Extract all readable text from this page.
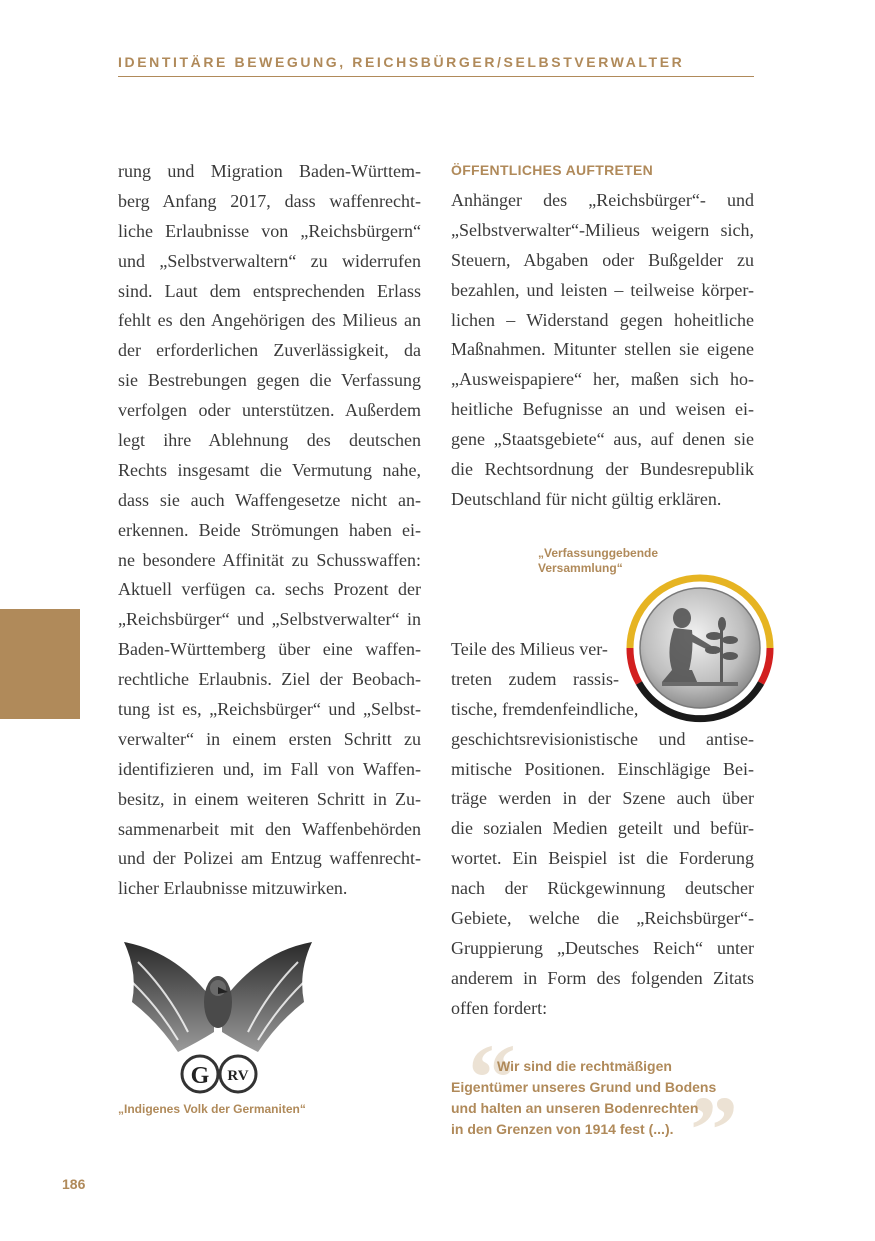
IDENTITÄRE BEWEGUNG, REICHSBÜRGER/SELBSTVERWALTER
rung und Migration Baden-Württem-
berg Anfang 2017, dass waffenrecht-
liche Erlaubnisse von „Reichsbürgern“
und „Selbstverwaltern“ zu widerrufen
sind. Laut dem entsprechenden Erlass
fehlt es den Angehörigen des Milieus an
der erforderlichen Zuverlässigkeit, da
sie Bestrebungen gegen die Verfassung
verfolgen oder unterstützen. Außerdem
legt ihre Ablehnung des deutschen
Rechts insgesamt die Vermutung nahe,
dass sie auch Waffengesetze nicht an-
erkennen. Beide Strömungen haben ei-
ne besondere Affinität zu Schusswaffen:
Aktuell verfügen ca. sechs Prozent der
„Reichsbürger“ und „Selbstverwalter“ in
Baden-Württemberg über eine waffen-
rechtliche Erlaubnis. Ziel der Beobach-
tung ist es, „Reichsbürger“ und „Selbst-
verwalter“ in einem ersten Schritt zu
identifizieren und, im Fall von Waffen-
besitz, in einem weiteren Schritt in Zu-
sammenarbeit mit den Waffenbehörden
und der Polizei am Entzug waffenrecht-
licher Erlaubnisse mitzuwirken.
ÖFFENTLICHES AUFTRETEN
Anhänger des „Reichsbürger“- und
„Selbstverwalter“-Milieus weigern sich,
Steuern, Abgaben oder Bußgelder zu
bezahlen, und leisten – teilweise körper-
lichen – Widerstand gegen hoheitliche
Maßnahmen. Mitunter stellen sie eigene
„Ausweispapiere“ her, maßen sich ho-
heitliche Befugnisse an und weisen ei-
gene „Staatsgebiete“ aus, auf denen sie
die Rechtsordnung der Bundesrepublik
Deutschland für nicht gültig erklären.
„Verfassunggebende
Versammlung“
Teile des Milieus ver-
treten zudem rassis-
tische, fremdenfeindliche,
geschichtsrevisionistische und antise-
mitische Positionen. Einschlägige Bei-
träge werden in der Szene auch über
die sozialen Medien geteilt und befür-
wortet. Ein Beispiel ist die Forderung
nach der Rückgewinnung deutscher
Gebiete, welche die „Reichsbürger“-
Gruppierung „Deutsches Reich“ unter
anderem in Form des folgenden Zitats
offen fordert:
G RV
„Indigenes Volk der Germaniten“ “ ”
Wir sind die rechtmäßigen
Eigentümer unseres Grund und Bodens
und halten an unseren Bodenrechten
in den Grenzen von 1914 fest (...).
186
